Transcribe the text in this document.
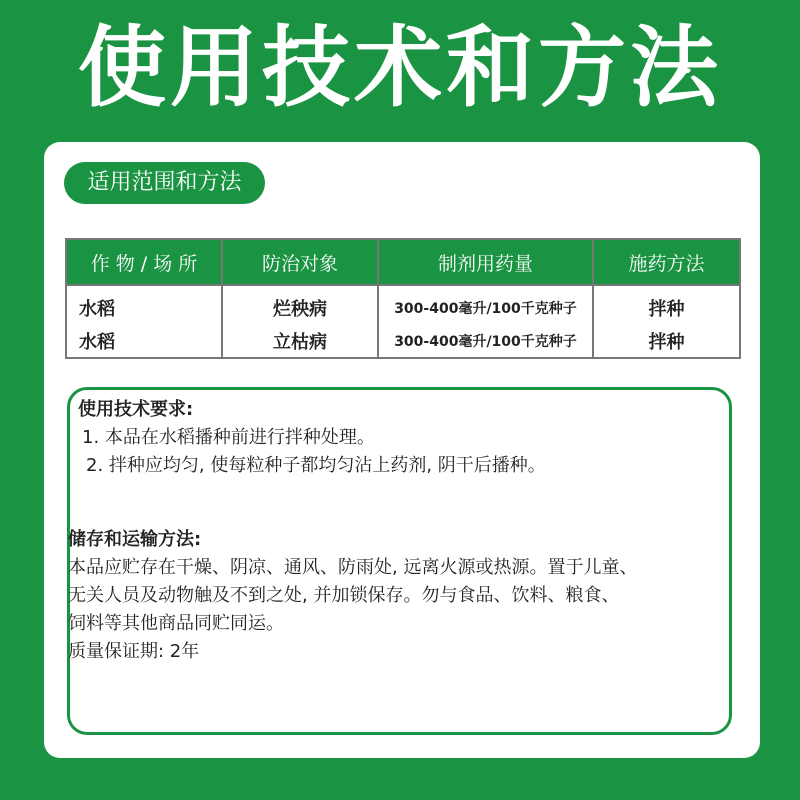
使用技术和方法
适用范围和方法
作 物 / 场 所	防治对象	制剂用药量	施药方法
水稻	烂秧病	300-400毫升/100千克种子	拌种
水稻	立枯病	300-400毫升/100千克种子	拌种
使用技术要求:
1. 本品在水稻播种前进行拌种处理。
2. 拌种应均匀, 使每粒种子都均匀沾上药剂, 阴干后播种。
储存和运输方法:
本品应贮存在干燥、阴凉、通风、防雨处, 远离火源或热源。置于儿童、
无关人员及动物触及不到之处, 并加锁保存。勿与食品、饮料、粮食、
饲料等其他商品同贮同运。
质量保证期: 2年
